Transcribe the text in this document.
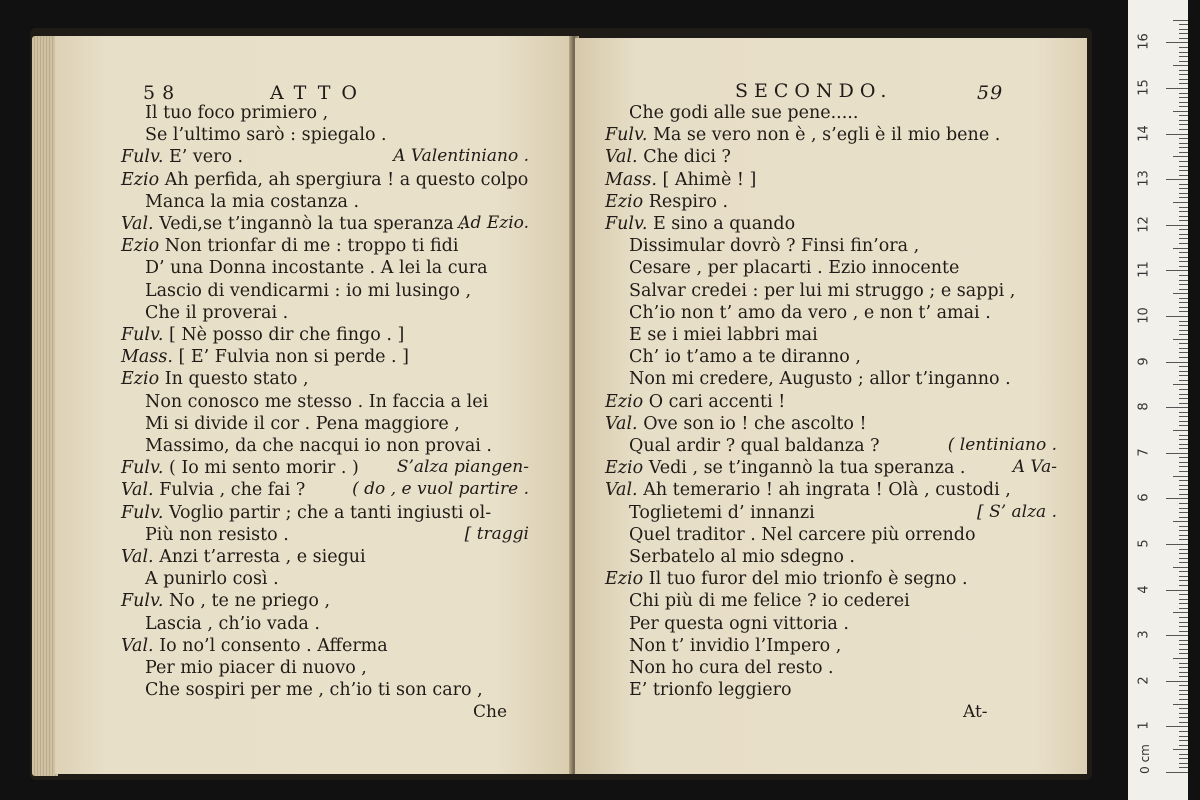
58	ATTO
Il tuo foco primiero ,
Se l’ultimo sarò : spiegalo .
Fulv. E’ vero .	A Valentiniano .
Ezio Ah perfida, ah spergiura ! a questo colpo
Manca la mia costanza .
Val. Vedi,se t’ingannò la tua speranza .
Ad Ezio.
Ezio Non trionfar di me : troppo ti fidi
D’ una Donna incostante . A lei la cura
Lascio di vendicarmi : io mi lusingo ,
Che il proverai .
Fulv. [ Nè posso dir che fingo . ]
Mass. [ E’ Fulvia non si perde . ]
Ezio In questo stato ,
Non conosco me stesso . In faccia a lei
Mi si divide il cor . Pena maggiore ,
Massimo, da che nacqui io non provai .
Fulv. ( Io mi sento morir . ) S’alza piangen-
Val. Fulvia , che fai ?	( do , e vuol partire .
Fulv. Voglio partir ; che a tanti ingiusti ol-
Più non resisto .	[ traggi
Val. Anzi t’arresta , e siegui
A punirlo così .
Fulv. No , te ne priego ,
Lascia , ch’io vada .
Val. Io no’l consento . Afferma
Per mio piacer di nuovo ,
Che sospiri per me , ch’io ti son caro ,
Che
SECONDO.	59
Che godi alle sue pene.....
Fulv. Ma se vero non è , s’egli è il mio bene .
Val. Che dici ?
Mass. [ Ahimè ! ]
Ezio Respiro .
Fulv. E sino a quando
Dissimular dovrò ? Finsi fin’ora ,
Cesare , per placarti . Ezio innocente
Salvar credei : per lui mi struggo ; e sappi ,
Ch’io non t’ amo da vero , e non t’ amai .
E se i miei labbri mai
Ch’ io t’amo a te diranno ,
Non mi credere, Augusto ; allor t’inganno .
Ezio O cari accenti !
Val. Ove son io ! che ascolto !
Qual ardir ? qual baldanza ?	( lentiniano .
Ezio Vedi , se t’ingannò la tua speranza .	A Va-
Val. Ah temerario ! ah ingrata ! Olà , custodi ,
Toglietemi d’ innanzi	[ S’ alza .
Quel traditor . Nel carcere più orrendo
Serbatelo al mio sdegno .
Ezio Il tuo furor del mio trionfo è segno .
Chi più di me felice ? io cederei
Per questa ogni vittoria .
Non t’ invidio l’Impero ,
Non ho cura del resto .
E’ trionfo leggiero
At-
0 cm
1
2
3
4
5
6
7
8
9
10
11
12
13
14
15
16
